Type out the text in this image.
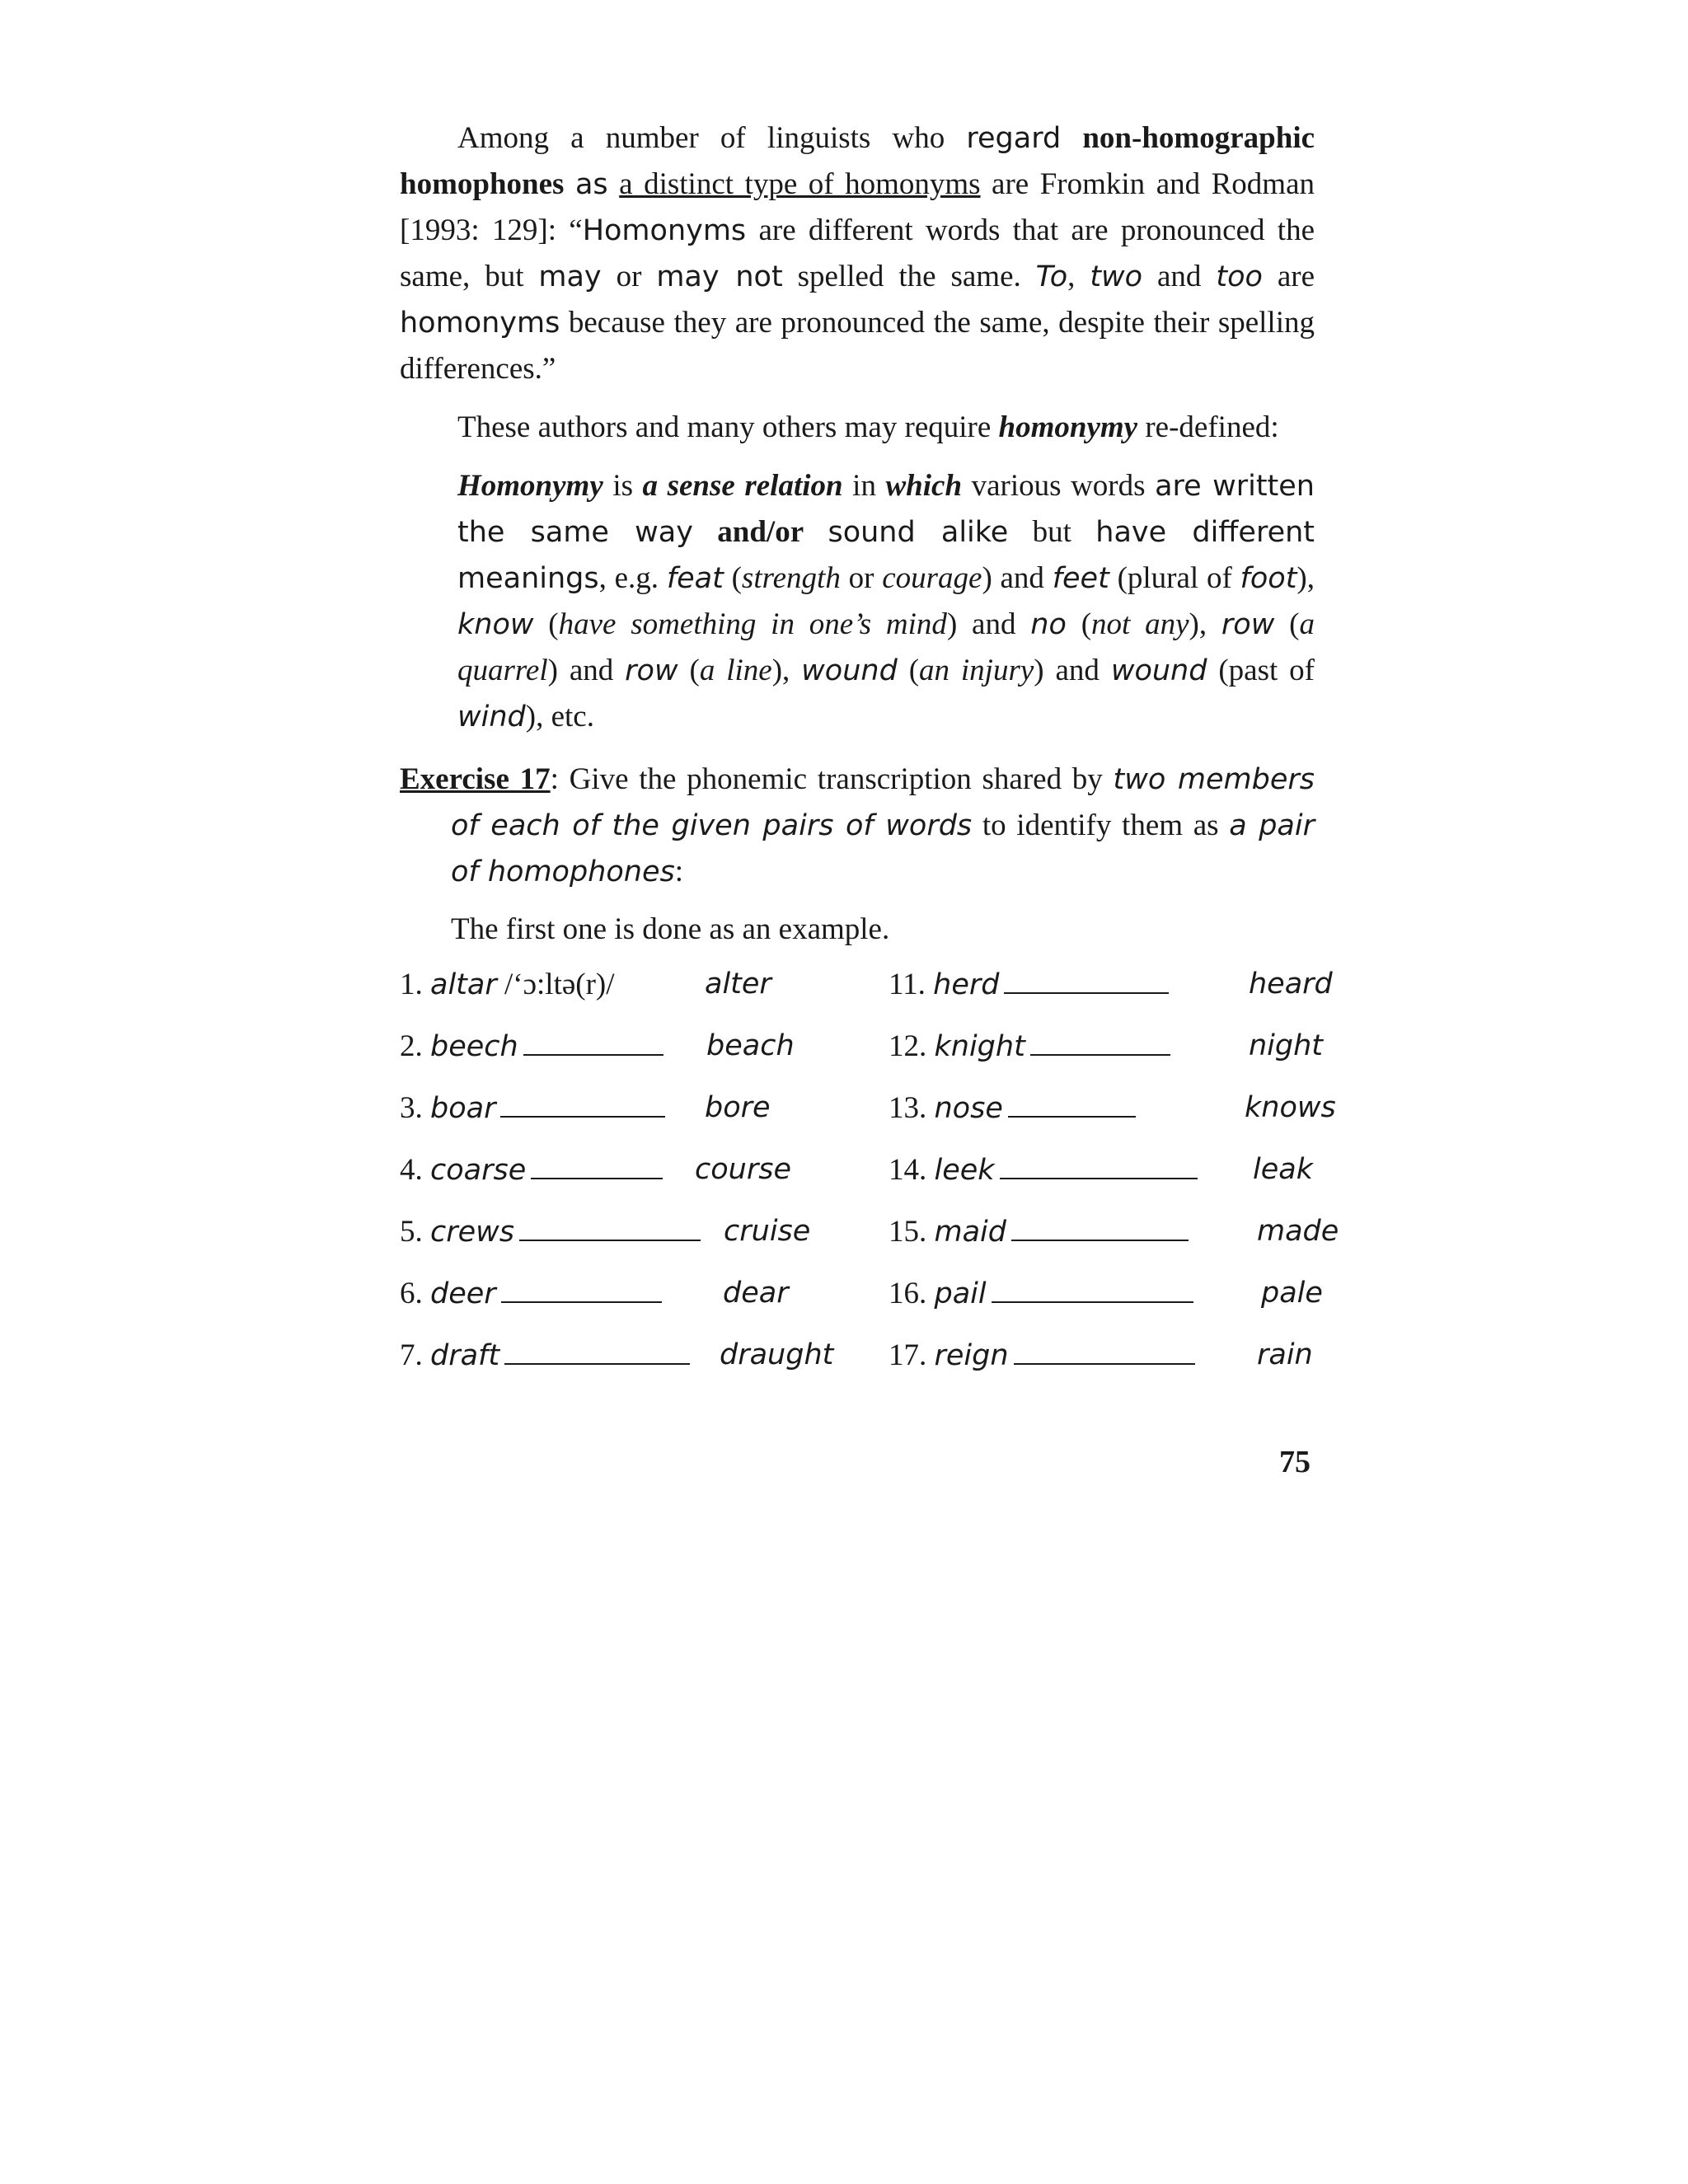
Among a number of linguists who regard non-homographic homophones as a distinct type of homonyms are Fromkin and Rodman [1993: 129]: “Homonyms are different words that are pronounced the same, but may or may not spelled the same. To, two and too are homonyms because they are pronounced the same, despite their spelling differences.”

These authors and many others may require homonymy re-defined:

Homonymy is a sense relation in which various words are written the same way and/or sound alike but have different meanings, e.g. feat (strength or courage) and feet (plural of foot), know (have something in one’s mind) and no (not any), row (a quarrel) and row (a line), wound (an injury) and wound (past of wind), etc.

Exercise 17: Give the phonemic transcription shared by two members of each of the given pairs of words to identify them as a pair of homophones:

The first one is done as an example.

1. altar /‘ɔ:ltə(r)/	alter
2. beech	beach
3. boar	bore
4. coarse	course
5. crews	cruise
6. deer	dear
7. draft	draught
11. herd	heard
12. knight	night
13. nose	knows
14. leek	leak
15. maid	made
16. pail	pale
17. reign	rain
75
